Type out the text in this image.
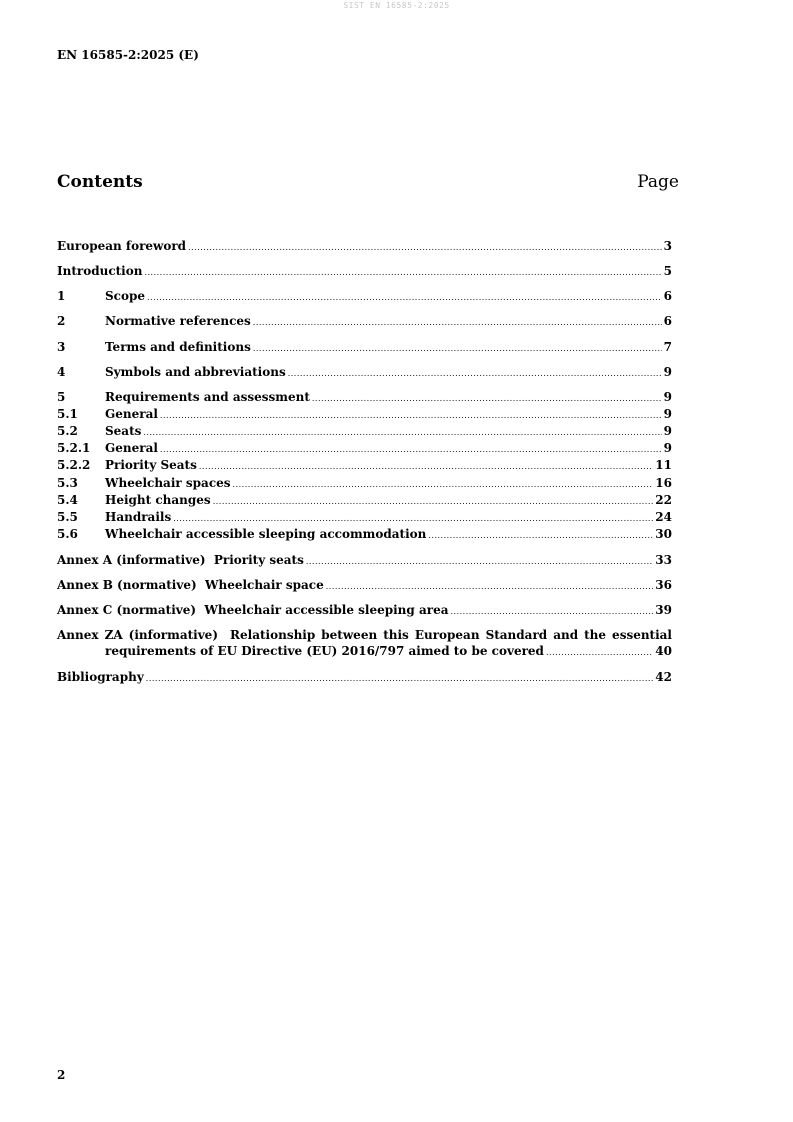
SIST EN 16585-2:2025
EN 16585-2:2025 (E)
Contents	Page
European foreword .....	3
Introduction .....	5
1	Scope .....	6
2	Normative references .....	6
3	Terms and definitions .....	7
4	Symbols and abbreviations .....	9
5	Requirements and assessment .....	9
5.1	General .....	9
5.2	Seats .....	9
5.2.1	General .....	9
5.2.2	Priority Seats .....	11
5.3	Wheelchair spaces .....	16
5.4	Height changes .....	22
5.5	Handrails .....	24
5.6	Wheelchair accessible sleeping accommodation .....	30
Annex A (informative)  Priority seats .....	33
Annex B (normative)  Wheelchair space .....	36
Annex C (normative)  Wheelchair accessible sleeping area .....	39
Annex ZA (informative)  Relationship between this European Standard and the essential
requirements of EU Directive (EU) 2016/797 aimed to be covered .....	40
Bibliography .....	42
2
